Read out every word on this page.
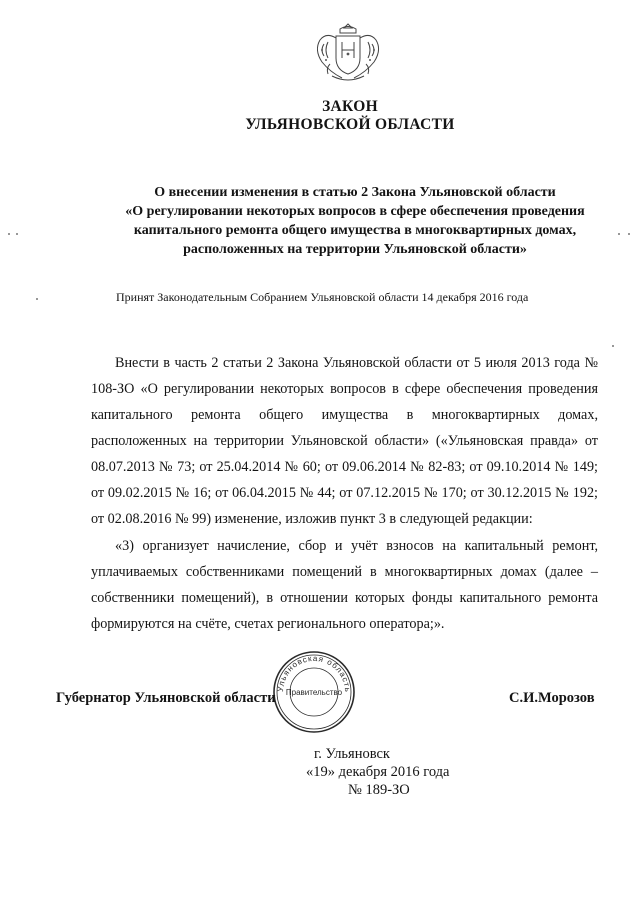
ЗАКОН
УЛЬЯНОВСКОЙ ОБЛАСТИ
О внесении изменения в статью 2 Закона Ульяновской области
«О регулировании некоторых вопросов в сфере обеспечения проведения
капитального ремонта общего имущества в многоквартирных домах,
расположенных на территории Ульяновской области»
Принят Законодательным Собранием Ульяновской области 14 декабря 2016 года
Внести в часть 2 статьи 2 Закона Ульяновской области от 5 июля 2013 года № 108-ЗО «О регулировании некоторых вопросов в сфере обеспечения проведения капитального ремонта общего имущества в многоквартирных домах, расположенных на территории Ульяновской области» («Ульяновская правда» от 08.07.2013 № 73; от 25.04.2014 № 60; от 09.06.2014 № 82-83; от 09.10.2014 № 149; от 09.02.2015 № 16; от 06.04.2015 № 44; от 07.12.2015 № 170; от 30.12.2015 № 192; от 02.08.2016 № 99) изменение, изложив пункт 3 в следующей редакции:
«3) организует начисление, сбор и учёт взносов на капитальный ремонт, уплачиваемых собственниками помещений в многоквартирных домах (далее – собственники помещений), в отношении которых фонды капитального ремонта формируются на счёте, счетах регионального оператора;».
Ульяновская область
Правительство
Губернатор Ульяновской области	С.И.Морозов
г. Ульяновск
«19» декабря 2016 года
№ 189-ЗО
